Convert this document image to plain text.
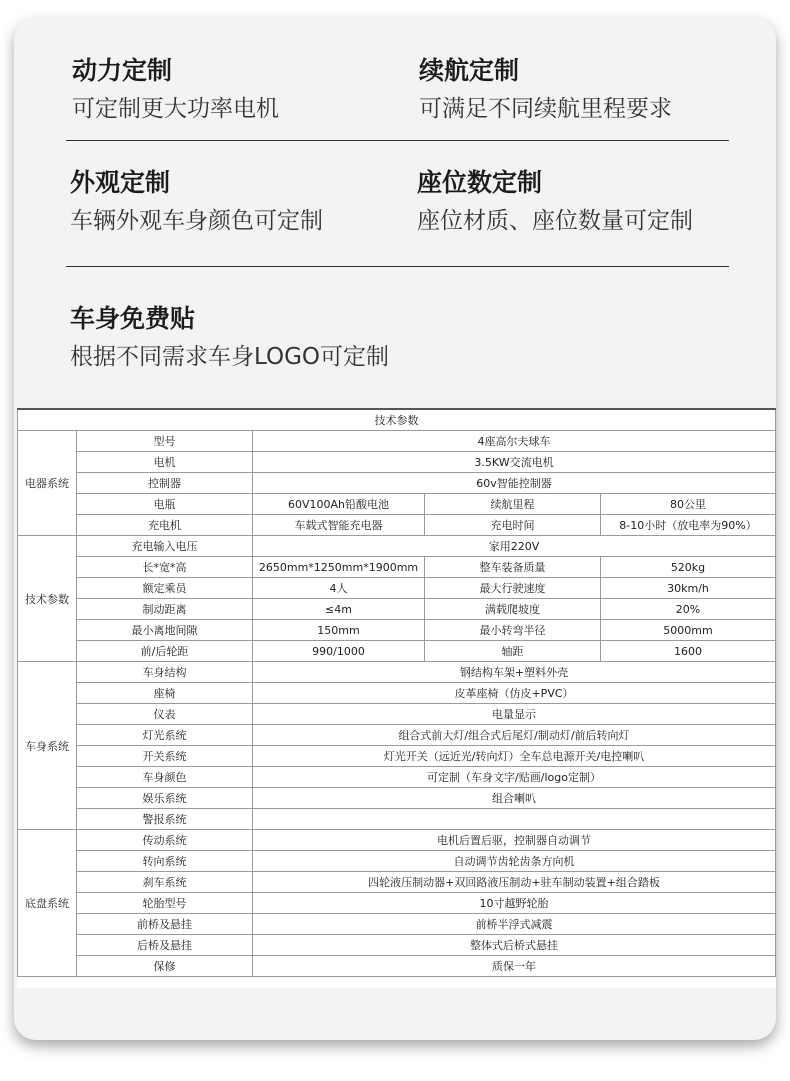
动力定制
可定制更大功率电机
续航定制
可满足不同续航里程要求
外观定制
车辆外观车身颜色可定制
座位数定制
座位材质、座位数量可定制
车身免费贴
根据不同需求车身LOGO可定制
技术参数				
电器系统	型号	4座高尔夫球车		
	电机	3.5KW交流电机		
	控制器	60v智能控制器		
	电瓶	60V100Ah铅酸电池	续航里程	80公里
	充电机	车载式智能充电器	充电时间	8-10小时（放电率为90%）
技术参数	充电输入电压	家用220V		
	长*宽*高	2650mm*1250mm*1900mm	整车装备质量	520kg
	额定乘员	4人	最大行驶速度	30km/h
	制动距离	≤4m	满载爬坡度	20%
	最小离地间隙	150mm	最小转弯半径	5000mm
	前/后轮距	990/1000	轴距	1600
车身系统	车身结构	钢结构车架+塑料外壳		
	座椅	皮革座椅（仿皮+PVC）		
	仪表	电量显示		
	灯光系统	组合式前大灯/组合式后尾灯/制动灯/前后转向灯		
	开关系统	灯光开关（远近光/转向灯）全车总电源开关/电控喇叭		
	车身颜色	可定制（车身文字/贴画/logo定制）		
	娱乐系统	组合喇叭		
	警报系统			
底盘系统	传动系统	电机后置后驱，控制器自动调节		
	转向系统	自动调节齿轮齿条方向机		
	刹车系统	四轮液压制动器+双回路液压制动+驻车制动装置+组合踏板		
	轮胎型号	10寸越野轮胎		
	前桥及悬挂	前桥半浮式减震		
	后桥及悬挂	整体式后桥式悬挂		
	保修	质保一年		
